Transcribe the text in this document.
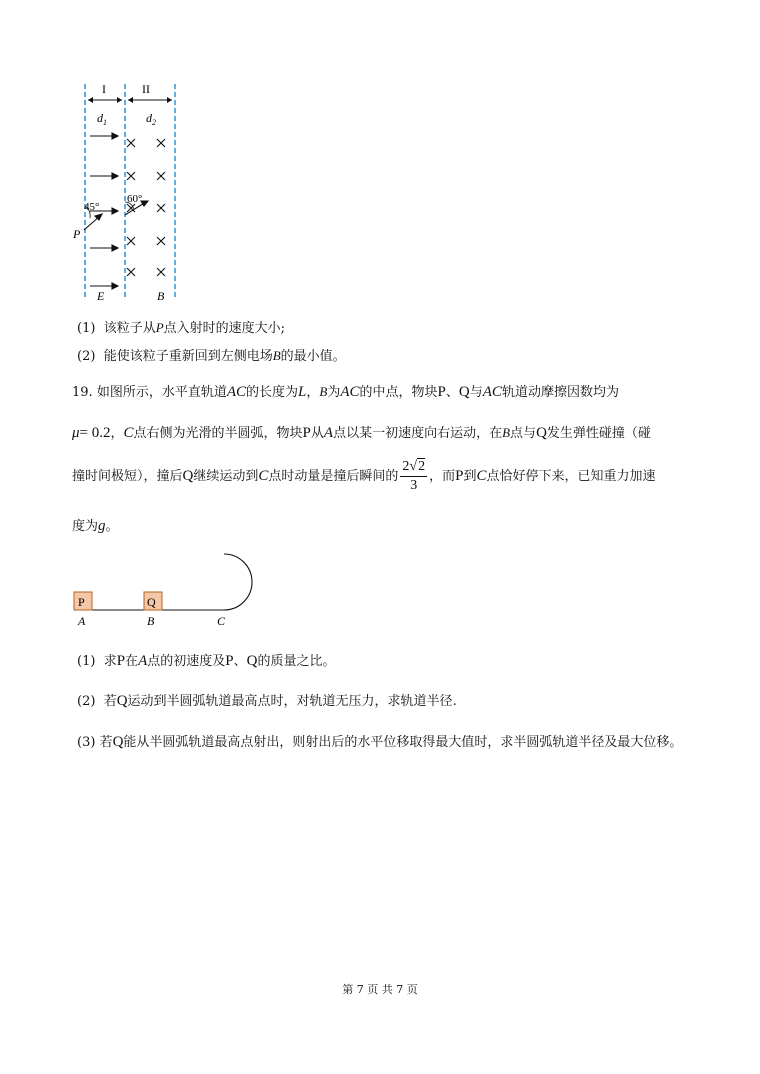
I	II
$d_1$	$d_2$
45°
60°
P
E	B
(1) 该粒子从P点入射时的速度大小;
(2) 能使该粒子重新回到左侧电场B的最小值。
19. 如图所示，水平直轨道AC的长度为L，B为AC的中点，物块P、Q与AC轨道动摩擦因数均为
μ= 0.2，C点右侧为光滑的半圆弧，物块P从A点以某一初速度向右运动，在B点与Q发生弹性碰撞（碰
撞时间极短），撞后Q继续运动到C点时动量是撞后瞬间的 $\frac{2√2}{3}$ ，而P到C点恰好停下来，已知重力加速
度为g。
P	Q
A	B	C
(1) 求P在A点的初速度及P、Q的质量之比。
(2) 若Q运动到半圆弧轨道最高点时，对轨道无压力，求轨道半径.
(3) 若Q能从半圆弧轨道最高点射出，则射出后的水平位移取得最大值时，求半圆弧轨道半径及最大位移。
第 7 页 共 7 页
